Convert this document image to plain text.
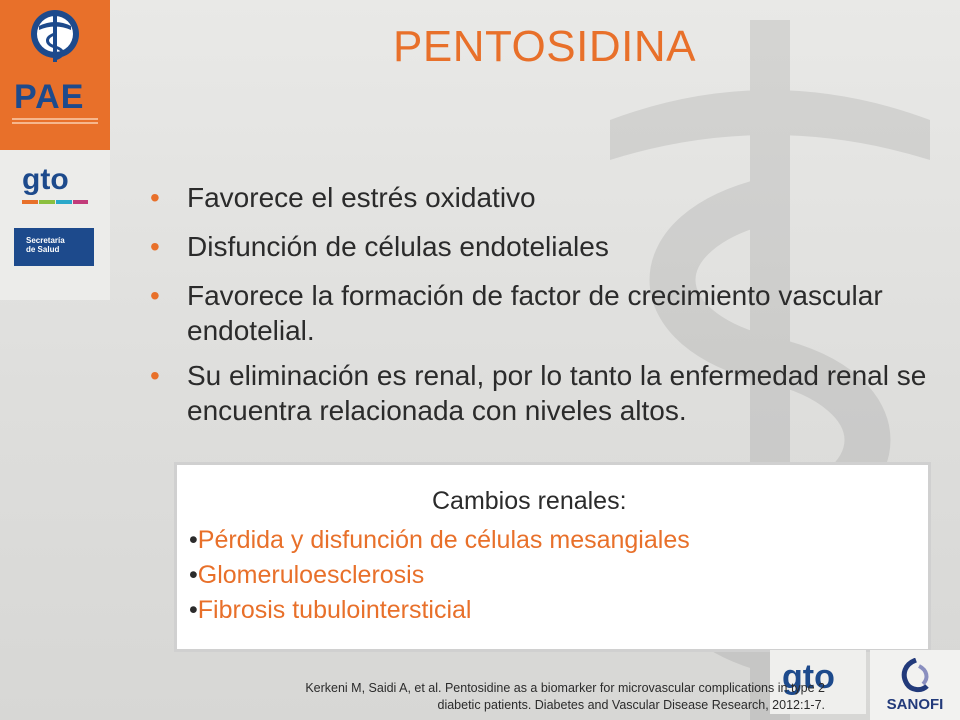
PAE
gto
Secretaría
de Salud
PENTOSIDINA
• Favorece el estrés oxidativo
• Disfunción de células endoteliales
• Favorece la formación de factor de crecimiento vascular endotelial.
• Su eliminación es renal, por lo tanto la enfermedad renal se encuentra relacionada con niveles altos.
Cambios renales:
•Pérdida y disfunción de células mesangiales
•Glomeruloesclerosis
•Fibrosis tubulointersticial
gto
SANOFI
Kerkeni M, Saidi A, et al. Pentosidine as a biomarker for microvascular complications in type 2
diabetic patients. Diabetes and Vascular Disease Research, 2012:1-7.
